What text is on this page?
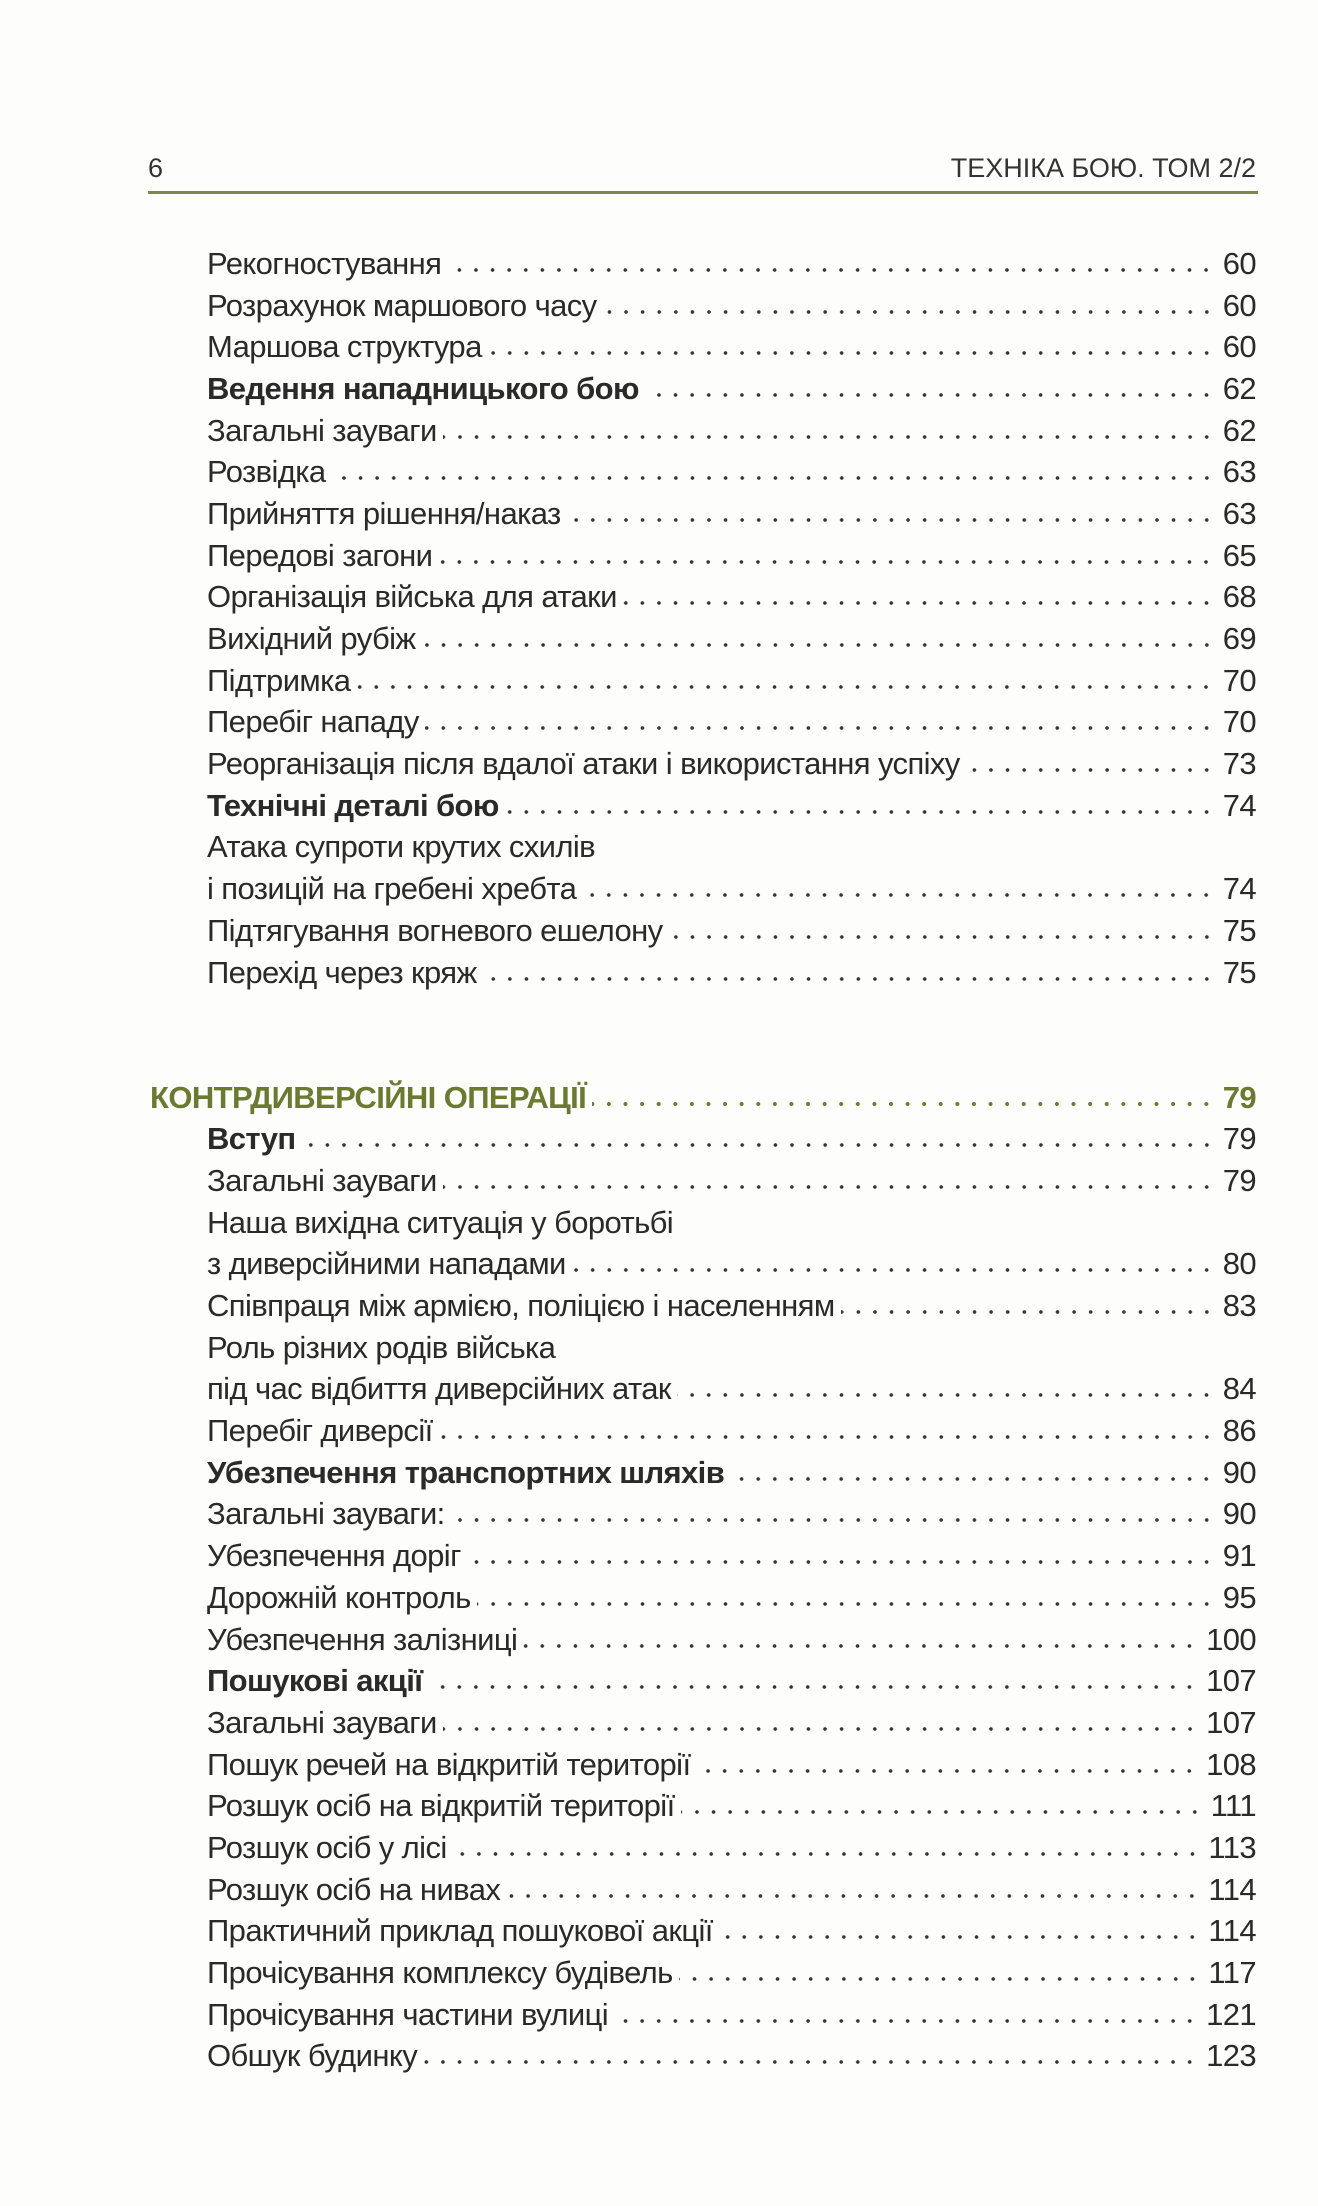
6	ТЕХНІКА БОЮ. ТОМ 2/2
Рекогностування	60
Розрахунок маршового часу	60
Маршова структура	60
Ведення нападницького бою	62
Загальні зауваги	62
Розвідка	63
Прийняття рішення/наказ	63
Передові загони	65
Організація війська для атаки	68
Вихідний рубіж	69
Підтримка	70
Перебіг нападу	70
Реорганізація після вдалої атаки і використання успіху	73
Технічні деталі бою	74
Атака супроти крутих схилів
і позицій на гребені хребта	74
Підтягування вогневого ешелону	75
Перехід через кряж	75
КОНТРДИВЕРСІЙНІ ОПЕРАЦІЇ	79
Вступ	79
Загальні зауваги	79
Наша вихідна ситуація у боротьбі
з диверсійними нападами	80
Співпраця між армією, поліцією і населенням	83
Роль різних родів війська
під час відбиття диверсійних атак	84
Перебіг диверсії	86
Убезпечення транспортних шляхів	90
Загальні зауваги:	90
Убезпечення доріг	91
Дорожній контроль	95
Убезпечення залізниці	100
Пошукові акції	107
Загальні зауваги	107
Пошук речей на відкритій території	108
Розшук осіб на відкритій території	111
Розшук осіб у лісі	113
Розшук осіб на нивах	114
Практичний приклад пошукової акції	114
Прочісування комплексу будівель	117
Прочісування частини вулиці	121
Обшук будинку	123
